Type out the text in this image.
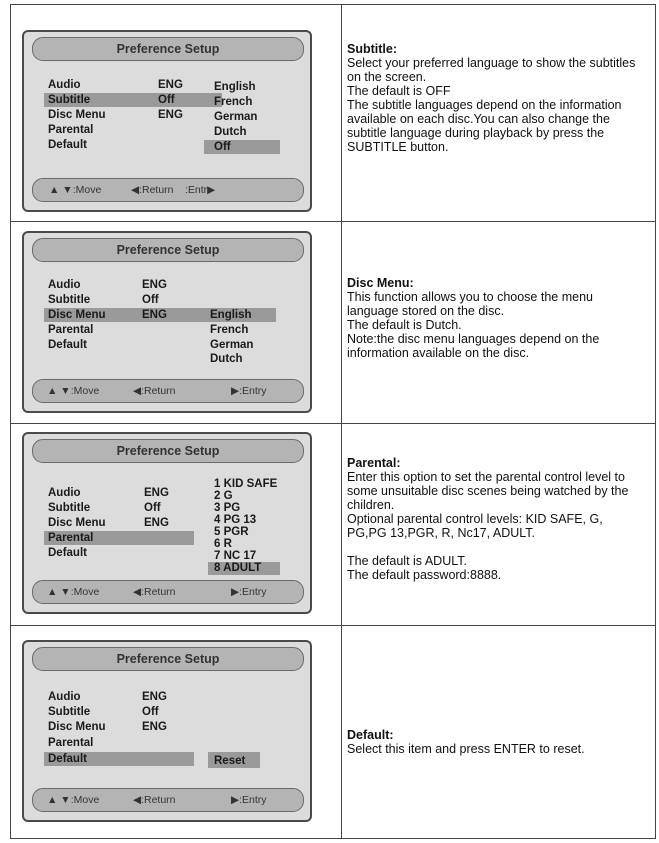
Preference Setup
Audio
Subtitle
Disc Menu
Parental
Default
ENG
Off
ENG
English
French
German
Dutch
Off
▲ ▼:Move	◀:Return :Entr▶
Subtitle:

Select your preferred language to show the subtitles on the screen.

The default is OFF

The subtitle languages depend on the information available on each disc.You can also change the subtitle language during playback by press the SUBTITLE button.

Preference Setup
Audio
Subtitle
Disc Menu
Parental
Default
ENG
Off
ENG	English
French
German
Dutch
▲ ▼:Move	◀:Return	▶:Entry
Disc Menu:

This function allows you to choose the menu language stored on the disc.

The default is Dutch.

Note:the disc menu languages depend on the information available on the disc.

Preference Setup
Audio
Subtitle
Disc Menu
Parental
Default
ENG
Off
ENG
1 KID SAFE
2 G
3 PG
4 PG 13
5 PGR
6 R
7 NC 17
8 ADULT
▲ ▼:Move	◀:Return	▶:Entry
Parental:

Enter this option to set the parental control level to some unsuitable disc scenes being watched by the children.

Optional parental control levels: KID SAFE, G, PG,PG 13,PGR, R, Nc17, ADULT.

The default is ADULT.

The default password:8888.

Preference Setup
Audio
Subtitle
Disc Menu
Parental
Default
ENG
Off
ENG
Reset
▲ ▼:Move	◀:Return	▶:Entry
Default:

Select this item and press ENTER to reset.
